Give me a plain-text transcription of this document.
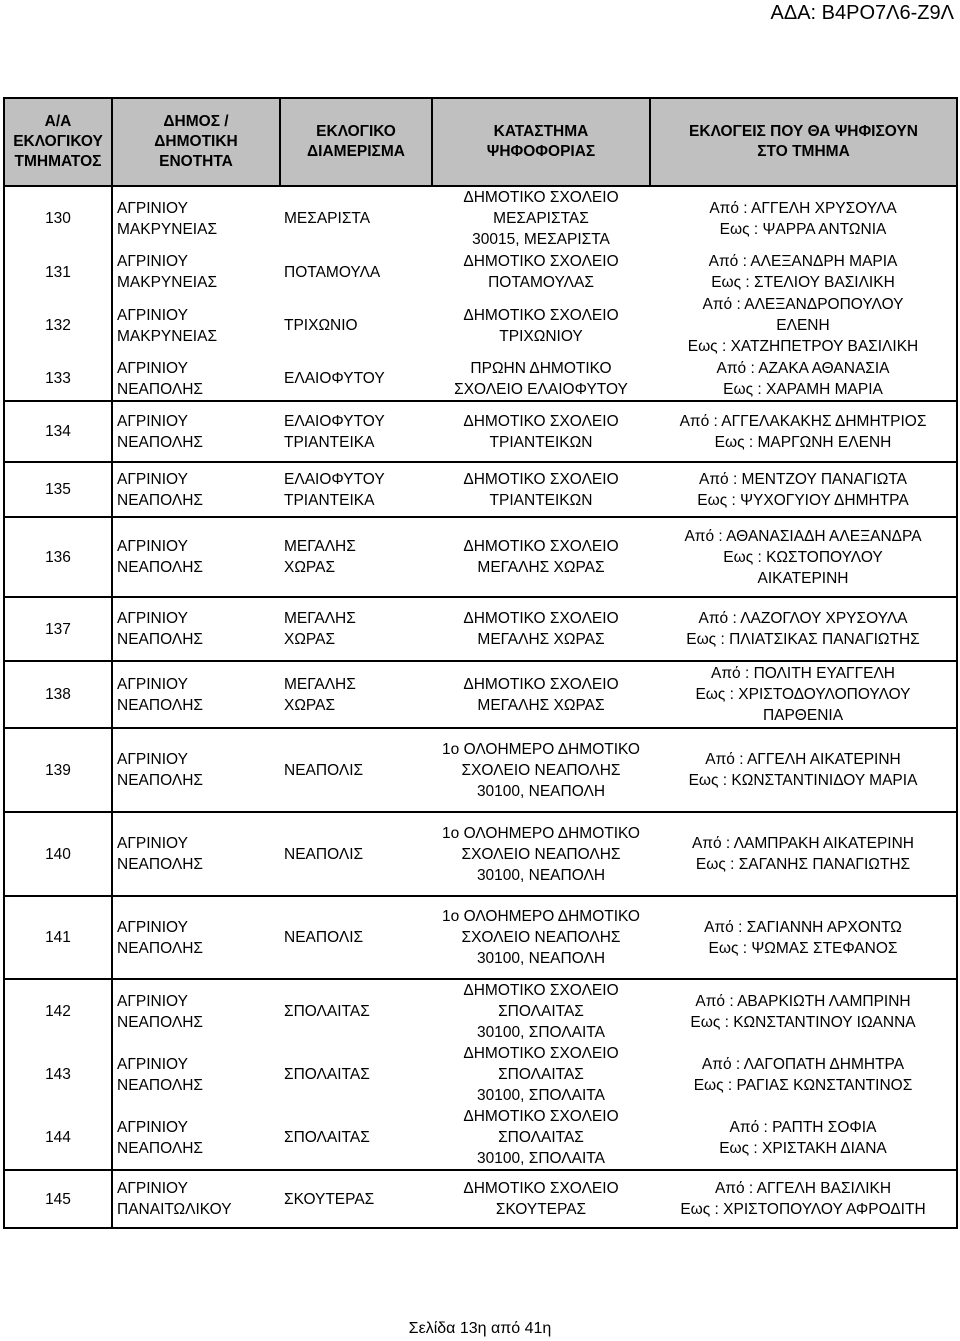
ΑΔΑ: Β4ΡΟ7Λ6-Ζ9Λ
Α/Α
ΕΚΛΟΓΙΚΟΥ
ΤΜΗΜΑΤΟΣ	ΔΗΜΟΣ /
ΔΗΜΟΤΙΚΗ
ΕΝΟΤΗΤΑ	ΕΚΛΟΓΙΚΟ
ΔΙΑΜΕΡΙΣΜΑ	ΚΑΤΑΣΤΗΜΑ
ΨΗΦΟΦΟΡΙΑΣ	ΕΚΛΟΓΕΙΣ ΠΟΥ ΘΑ ΨΗΦΙΣΟΥΝ
ΣΤΟ ΤΜΗΜΑ

130	ΑΓΡΙΝΙΟΥ
ΜΑΚΡΥΝΕΙΑΣ	ΜΕΣΑΡΙΣΤΑ	ΔΗΜΟΤΙΚΟ ΣΧΟΛΕΙΟ
ΜΕΣΑΡΙΣΤΑΣ
30015, ΜΕΣΑΡΙΣΤΑ	Από : ΑΓΓΕΛΗ ΧΡΥΣΟΥΛΑ
Εως : ΨΑΡΡΑ ΑΝΤΩΝΙΑ

131	ΑΓΡΙΝΙΟΥ
ΜΑΚΡΥΝΕΙΑΣ	ΠΟΤΑΜΟΥΛΑ	ΔΗΜΟΤΙΚΟ ΣΧΟΛΕΙΟ
ΠΟΤΑΜΟΥΛΑΣ	Από : ΑΛΕΞΑΝΔΡΗ ΜΑΡΙΑ
Εως : ΣΤΕΛΙΟΥ ΒΑΣΙΛΙΚΗ

132	ΑΓΡΙΝΙΟΥ
ΜΑΚΡΥΝΕΙΑΣ	ΤΡΙΧΩΝΙΟ	ΔΗΜΟΤΙΚΟ ΣΧΟΛΕΙΟ
ΤΡΙΧΩΝΙΟΥ	Από : ΑΛΕΞΑΝΔΡΟΠΟΥΛΟΥ
ΕΛΕΝΗ
Εως : ΧΑΤΖΗΠΕΤΡΟΥ ΒΑΣΙΛΙΚΗ

133	ΑΓΡΙΝΙΟΥ
ΝΕΑΠΟΛΗΣ	ΕΛΑΙΟΦΥΤΟΥ	ΠΡΩΗΝ ΔΗΜΟΤΙΚΟ
ΣΧΟΛΕΙΟ ΕΛΑΙΟΦΥΤΟΥ	Από : ΑΖΑΚΑ ΑΘΑΝΑΣΙΑ
Εως : ΧΑΡΑΜΗ ΜΑΡΙΑ

134	ΑΓΡΙΝΙΟΥ
ΝΕΑΠΟΛΗΣ	ΕΛΑΙΟΦΥΤΟΥ
ΤΡΙΑΝΤΕΙΚΑ	ΔΗΜΟΤΙΚΟ ΣΧΟΛΕΙΟ
ΤΡΙΑΝΤΕΙΚΩΝ	Από : ΑΓΓΕΛΑΚΑΚΗΣ ΔΗΜΗΤΡΙΟΣ
Εως : ΜΑΡΓΩΝΗ ΕΛΕΝΗ

135	ΑΓΡΙΝΙΟΥ
ΝΕΑΠΟΛΗΣ	ΕΛΑΙΟΦΥΤΟΥ
ΤΡΙΑΝΤΕΙΚΑ	ΔΗΜΟΤΙΚΟ ΣΧΟΛΕΙΟ
ΤΡΙΑΝΤΕΙΚΩΝ	Από : ΜΕΝΤΖΟΥ ΠΑΝΑΓΙΩΤΑ
Εως : ΨΥΧΟΓΥΙΟΥ ΔΗΜΗΤΡΑ

136	ΑΓΡΙΝΙΟΥ
ΝΕΑΠΟΛΗΣ	ΜΕΓΑΛΗΣ
ΧΩΡΑΣ	ΔΗΜΟΤΙΚΟ ΣΧΟΛΕΙΟ
ΜΕΓΑΛΗΣ ΧΩΡΑΣ	Από : ΑΘΑΝΑΣΙΑΔΗ ΑΛΕΞΑΝΔΡΑ
Εως : ΚΩΣΤΟΠΟΥΛΟΥ
ΑΙΚΑΤΕΡΙΝΗ

137	ΑΓΡΙΝΙΟΥ
ΝΕΑΠΟΛΗΣ	ΜΕΓΑΛΗΣ
ΧΩΡΑΣ	ΔΗΜΟΤΙΚΟ ΣΧΟΛΕΙΟ
ΜΕΓΑΛΗΣ ΧΩΡΑΣ	Από : ΛΑΖΟΓΛΟΥ ΧΡΥΣΟΥΛΑ
Εως : ΠΛΙΑΤΣΙΚΑΣ ΠΑΝΑΓΙΩΤΗΣ

138	ΑΓΡΙΝΙΟΥ
ΝΕΑΠΟΛΗΣ	ΜΕΓΑΛΗΣ
ΧΩΡΑΣ	ΔΗΜΟΤΙΚΟ ΣΧΟΛΕΙΟ
ΜΕΓΑΛΗΣ ΧΩΡΑΣ	Από : ΠΟΛΙΤΗ ΕΥΑΓΓΕΛΗ
Εως : ΧΡΙΣΤΟΔΟΥΛΟΠΟΥΛΟΥ
ΠΑΡΘΕΝΙΑ

139	ΑΓΡΙΝΙΟΥ
ΝΕΑΠΟΛΗΣ	ΝΕΑΠΟΛΙΣ	1ο ΟΛΟΗΜΕΡΟ ΔΗΜΟΤΙΚΟ
ΣΧΟΛΕΙΟ ΝΕΑΠΟΛΗΣ
30100, ΝΕΑΠΟΛΗ	Από : ΑΓΓΕΛΗ ΑΙΚΑΤΕΡΙΝΗ
Εως : ΚΩΝΣΤΑΝΤΙΝΙΔΟΥ ΜΑΡΙΑ

140	ΑΓΡΙΝΙΟΥ
ΝΕΑΠΟΛΗΣ	ΝΕΑΠΟΛΙΣ	1ο ΟΛΟΗΜΕΡΟ ΔΗΜΟΤΙΚΟ
ΣΧΟΛΕΙΟ ΝΕΑΠΟΛΗΣ
30100, ΝΕΑΠΟΛΗ	Από : ΛΑΜΠΡΑΚΗ ΑΙΚΑΤΕΡΙΝΗ
Εως : ΣΑΓΑΝΗΣ ΠΑΝΑΓΙΩΤΗΣ

141	ΑΓΡΙΝΙΟΥ
ΝΕΑΠΟΛΗΣ	ΝΕΑΠΟΛΙΣ	1ο ΟΛΟΗΜΕΡΟ ΔΗΜΟΤΙΚΟ
ΣΧΟΛΕΙΟ ΝΕΑΠΟΛΗΣ
30100, ΝΕΑΠΟΛΗ	Από : ΣΑΓΙΑΝΝΗ ΑΡΧΟΝΤΩ
Εως : ΨΩΜΑΣ ΣΤΕΦΑΝΟΣ

142	ΑΓΡΙΝΙΟΥ
ΝΕΑΠΟΛΗΣ	ΣΠΟΛΑΙΤΑΣ	ΔΗΜΟΤΙΚΟ ΣΧΟΛΕΙΟ
ΣΠΟΛΑΙΤΑΣ
30100, ΣΠΟΛΑΙΤΑ	Από : ΑΒΑΡΚΙΩΤΗ ΛΑΜΠΡΙΝΗ
Εως : ΚΩΝΣΤΑΝΤΙΝΟΥ ΙΩΑΝΝΑ

143	ΑΓΡΙΝΙΟΥ
ΝΕΑΠΟΛΗΣ	ΣΠΟΛΑΙΤΑΣ	ΔΗΜΟΤΙΚΟ ΣΧΟΛΕΙΟ
ΣΠΟΛΑΙΤΑΣ
30100, ΣΠΟΛΑΙΤΑ	Από : ΛΑΓΟΠΑΤΗ ΔΗΜΗΤΡΑ
Εως : ΡΑΓΙΑΣ ΚΩΝΣΤΑΝΤΙΝΟΣ

144	ΑΓΡΙΝΙΟΥ
ΝΕΑΠΟΛΗΣ	ΣΠΟΛΑΙΤΑΣ	ΔΗΜΟΤΙΚΟ ΣΧΟΛΕΙΟ
ΣΠΟΛΑΙΤΑΣ
30100, ΣΠΟΛΑΙΤΑ	Από : ΡΑΠΤΗ ΣΟΦΙΑ
Εως : ΧΡΙΣΤΑΚΗ ΔΙΑΝΑ

145	ΑΓΡΙΝΙΟΥ
ΠΑΝΑΙΤΩΛΙΚΟΥ	ΣΚΟΥΤΕΡΑΣ	ΔΗΜΟΤΙΚΟ ΣΧΟΛΕΙΟ
ΣΚΟΥΤΕΡΑΣ	Από : ΑΓΓΕΛΗ ΒΑΣΙΛΙΚΗ
Εως : ΧΡΙΣΤΟΠΟΥΛΟΥ ΑΦΡΟΔΙΤΗ
Σελίδα 13η από 41η
